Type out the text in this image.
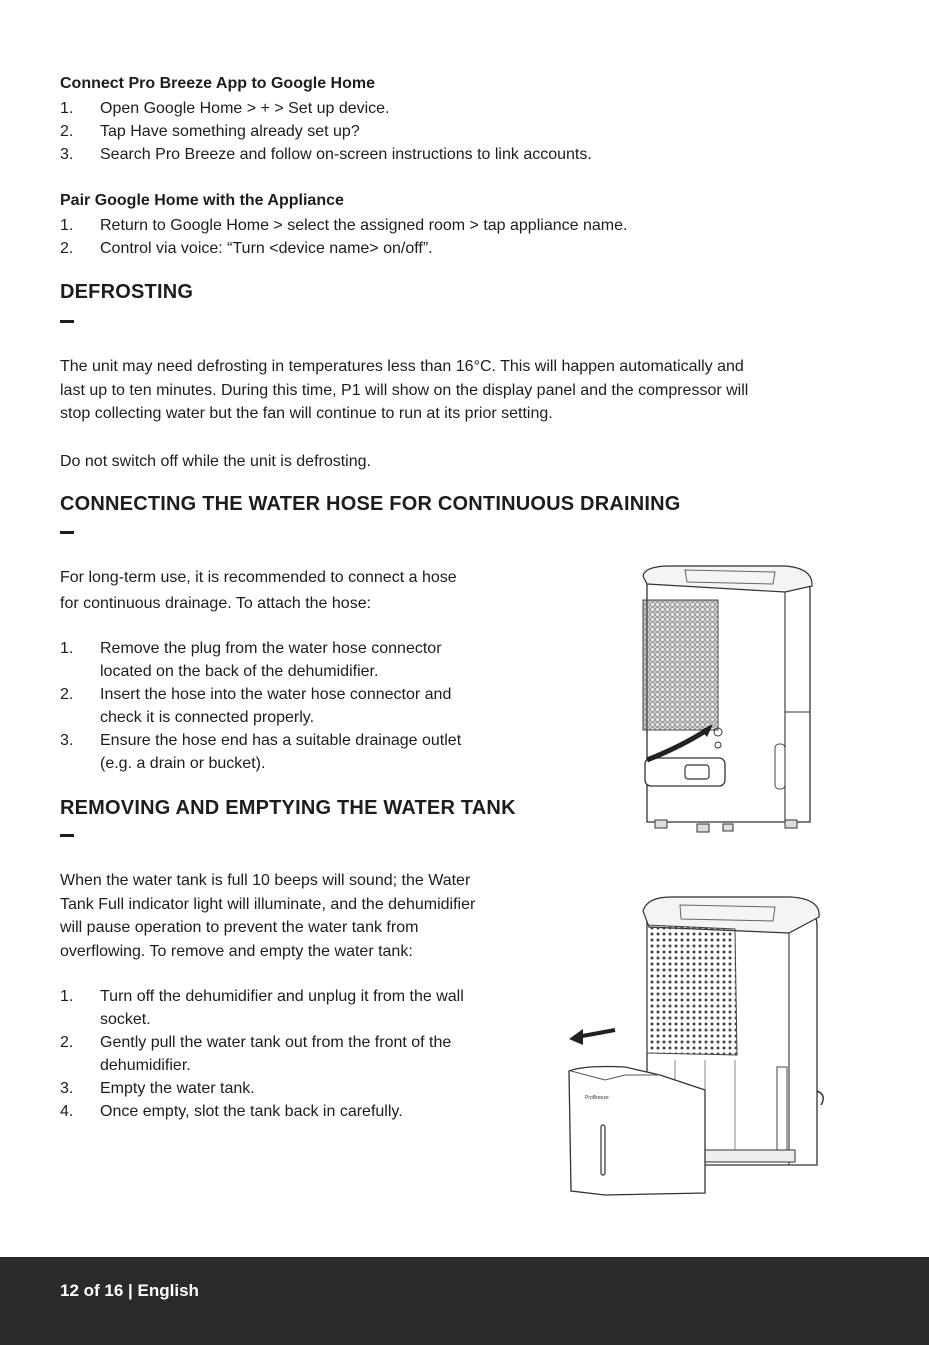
Connect Pro Breeze App to Google Home
1. Open Google Home > + > Set up device.
2. Tap Have something already set up?
3. Search Pro Breeze and follow on-screen instructions to link accounts.
Pair Google Home with the Appliance
1. Return to Google Home > select the assigned room > tap appliance name.
2. Control via voice: “Turn <device name> on/off”.
DEFROSTING
The unit may need defrosting in temperatures less than 16°C. This will happen automatically and
last up to ten minutes. During this time, P1 will show on the display panel and the compressor will
stop collecting water but the fan will continue to run at its prior setting.
Do not switch off while the unit is defrosting.
CONNECTING THE WATER HOSE FOR CONTINUOUS DRAINING
For long-term use, it is recommended to connect a hose
for continuous drainage. To attach the hose:
1. Remove the plug from the water hose connector
located on the back of the dehumidifier.
2. Insert the hose into the water hose connector and
check it is connected properly.
3. Ensure the hose end has a suitable drainage outlet
(e.g. a drain or bucket).
REMOVING AND EMPTYING THE WATER TANK
When the water tank is full 10 beeps will sound; the Water
Tank Full indicator light will illuminate, and the dehumidifier
will pause operation to prevent the water tank from
overflowing. To remove and empty the water tank:
1. Turn off the dehumidifier and unplug it from the wall
socket.
2. Gently pull the water tank out from the front of the
dehumidifier.
3. Empty the water tank.
4. Once empty, slot the tank back in carefully.
ProBreeze
12 of 16 | English
